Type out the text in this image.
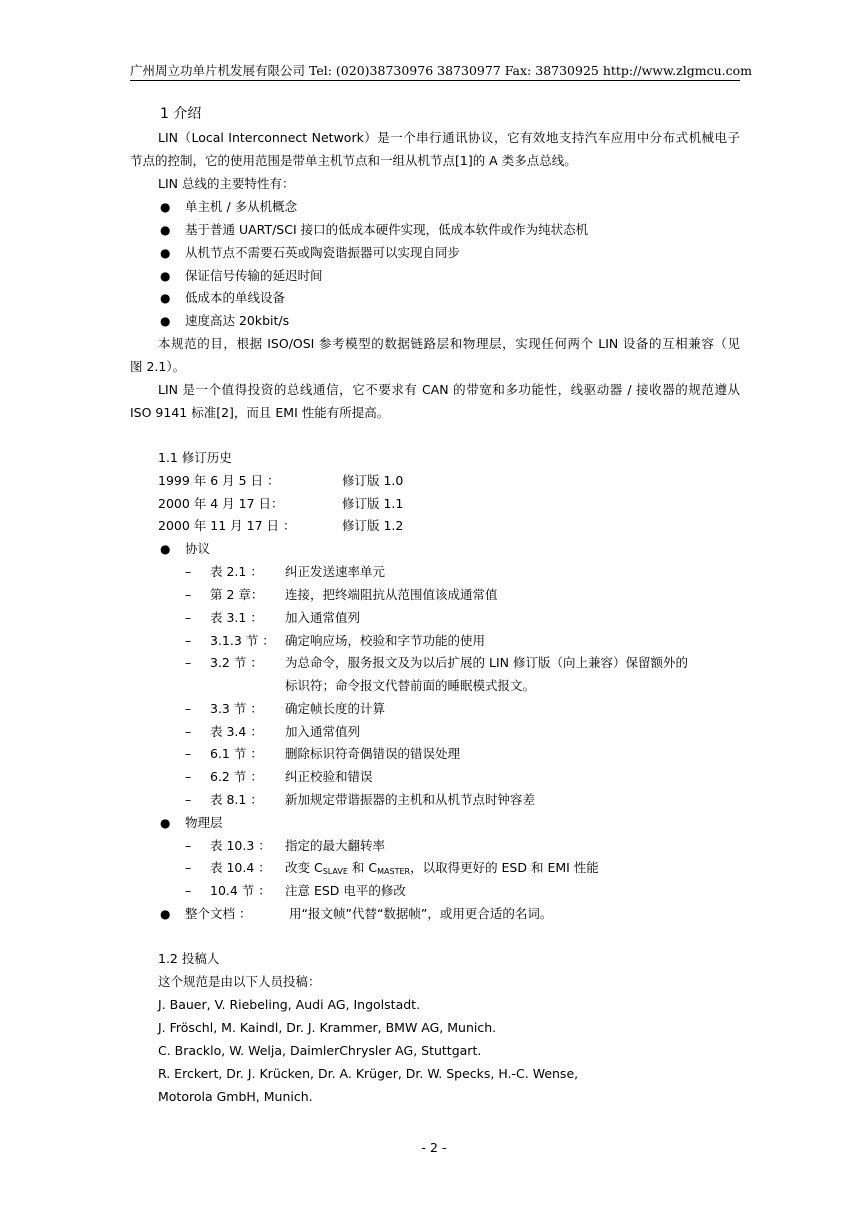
广州周立功单片机发展有限公司 Tel: (020)38730976 38730977 Fax: 38730925 http://www.zlgmcu.com
1 介绍
LIN（Local Interconnect Network）是一个串行通讯协议，它有效地支持汽车应用中分布式机械电子
节点的控制，它的使用范围是带单主机节点和一组从机节点[1]的 A 类多点总线。
LIN 总线的主要特性有：
● 单主机 / 多从机概念
● 基于普通 UART/SCI 接口的低成本硬件实现，低成本软件或作为纯状态机
● 从机节点不需要石英或陶瓷谐振器可以实现自同步
● 保证信号传输的延迟时间
● 低成本的单线设备
● 速度高达 20kbit/s
本规范的目，根据 ISO/OSI 参考模型的数据链路层和物理层，实现任何两个 LIN 设备的互相兼容（见
图 2.1）。
LIN 是一个值得投资的总线通信，它不要求有 CAN 的带宽和多功能性，线驱动器 / 接收器的规范遵从
ISO 9141 标准[2]，而且 EMI 性能有所提高。
1.1 修订历史
1999 年 6 月 5 日 ：	修订版 1.0
2000 年 4 月 17 日：	修订版 1.1
2000 年 11 月 17 日 ：	修订版 1.2
● 协议
– 表 2.1 ： 纠正发送速率单元
– 第 2 章： 连接，把终端阻抗从范围值该成通常值
– 表 3.1 ： 加入通常值列
– 3.1.3 节 ： 确定响应场，校验和字节功能的使用
– 3.2 节 ： 为总命令，服务报文及为以后扩展的 LIN 修订版（向上兼容）保留额外的
标识符；命令报文代替前面的睡眠模式报文。
– 3.3 节 ： 确定帧长度的计算
– 表 3.4 ： 加入通常值列
– 6.1 节 ： 删除标识符奇偶错误的错误处理
– 6.2 节 ： 纠正校验和错误
– 表 8.1 ： 新加规定带谐振器的主机和从机节点时钟容差
● 物理层
– 表 10.3 ： 指定的最大翻转率
– 表 10.4 ： 改变 $C_{SLAVE}$ 和 $C_{MASTER}$，以取得更好的 ESD 和 EMI 性能
– 10.4 节 ： 注意 ESD 电平的修改
● 整个文档 ：	用“报文帧”代替“数据帧”，或用更合适的名词。
1.2 投稿人
这个规范是由以下人员投稿：
J. Bauer, V. Riebeling, Audi AG, Ingolstadt.
J. Fröschl, M. Kaindl, Dr. J. Krammer, BMW AG, Munich.
C. Bracklo, W. Welja, DaimlerChrysler AG, Stuttgart.
R. Erckert, Dr. J. Krücken, Dr. A. Krüger, Dr. W. Specks, H.-C. Wense,
Motorola GmbH, Munich.
- 2 -
